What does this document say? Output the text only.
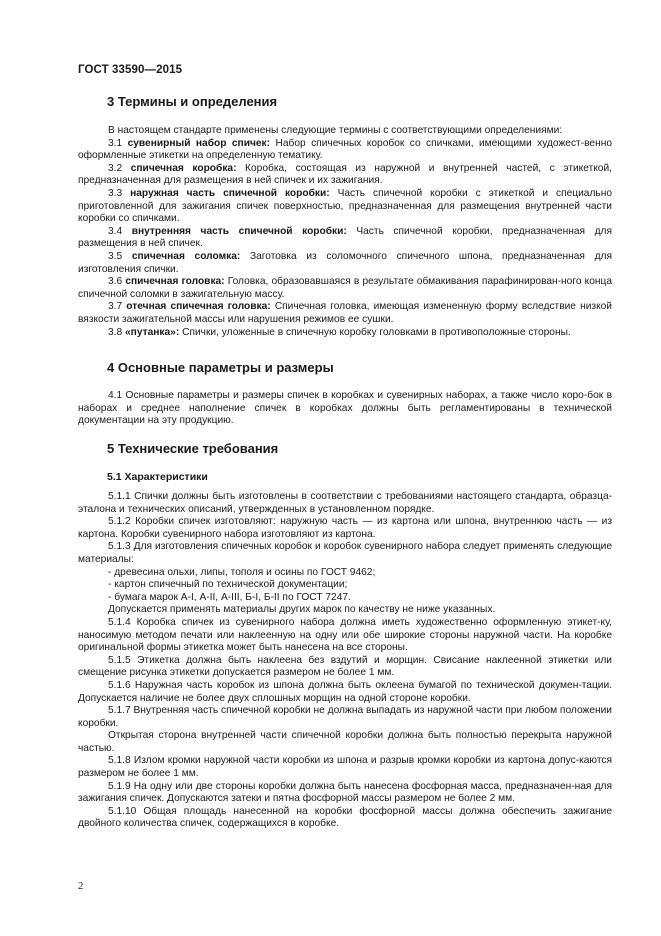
ГОСТ 33590—2015
3 Термины и определения

В настоящем стандарте применены следующие термины с соответствующими определениями:

3.1 сувенирный набор спичек: Набор спичечных коробок со спичками, имеющими художест-венно оформленные этикетки на определенную тематику.

3.2 спичечная коробка: Коробка, состоящая из наружной и внутренней частей, с этикеткой, предназначенная для размещения в ней спичек и их зажигания.

3.3 наружная часть спичечной коробки: Часть спичечной коробки с этикеткой и специально приготовленной для зажигания спичек поверхностью, предназначенная для размещения внутренней части коробки со спичками.

3.4 внутренняя часть спичечной коробки: Часть спичечной коробки, предназначенная для размещения в ней спичек.

3.5 спичечная соломка: Заготовка из соломочного спичечного шпона, предназначенная для изготовления спички.

3.6 спичечная головка: Головка, образовавшаяся в результате обмакивания парафинирован-ного конца спичечной соломки в зажигательную массу.

3.7 отечная спичечная головка: Спичечная головка, имеющая измененную форму вследствие низкой вязкости зажигательной массы или нарушения режимов ее сушки.

3.8 «путанка»: Спички, уложенные в спичечную коробку головками в противоположные стороны.

4 Основные параметры и размеры

4.1 Основные параметры и размеры спичек в коробках и сувенирных наборах, а также число коро-бок в наборах и среднее наполнение спичек в коробках должны быть регламентированы в технической документации на эту продукцию.

5 Технические требования
5.1 Характеристики

5.1.1 Спички должны быть изготовлены в соответствии с требованиями настоящего стандарта, образца-эталона и технических описаний, утвержденных в установленном порядке.

5.1.2 Коробки спичек изготовляют: наружную часть — из картона или шпона, внутреннюю часть — из картона. Коробки сувенирного набора изготовляют из картона.

5.1.3 Для изготовления спичечных коробок и коробок сувенирного набора следует применять следующие материалы:

- древесина ольхи, липы, тополя и осины по ГОСТ 9462;

- картон спичечный по технической документации;

- бумага марок А-I, А-II, А-III, Б-I, Б-II по ГОСТ 7247.

Допускается применять материалы других марок по качеству не ниже указанных.

5.1.4 Коробка спичек из сувенирного набора должна иметь художественно оформленную этикет-ку, наносимую методом печати или наклеенную на одну или обе широкие стороны наружной части. На коробке оригинальной формы этикетка может быть нанесена на все стороны.

5.1.5 Этикетка должна быть наклеена без вздутий и морщин. Свисание наклеенной этикетки или смещение рисунка этикетки допускается размером не более 1 мм.

5.1.6 Наружная часть коробок из шпона должна быть оклеена бумагой по технической докумен-тации. Допускается наличие не более двух сплошных морщин на одной стороне коробки.

5.1.7 Внутренняя часть спичечной коробки не должна выпадать из наружной части при любом положении коробки.

Открытая сторона внутренней части спичечной коробки должна быть полностью перекрыта наружной частью.

5.1.8 Излом кромки наружной части коробки из шпона и разрыв кромки коробки из картона допус-каются размером не более 1 мм.

5.1.9 На одну или две стороны коробки должна быть нанесена фосфорная масса, предназначен-ная для зажигания спичек. Допускаются затеки и пятна фосфорной массы размером не более 2 мм.

5.1.10 Общая площадь нанесенной на коробки фосфорной массы должна обеспечить зажигание двойного количества спичек, содержащихся в коробке.

2
